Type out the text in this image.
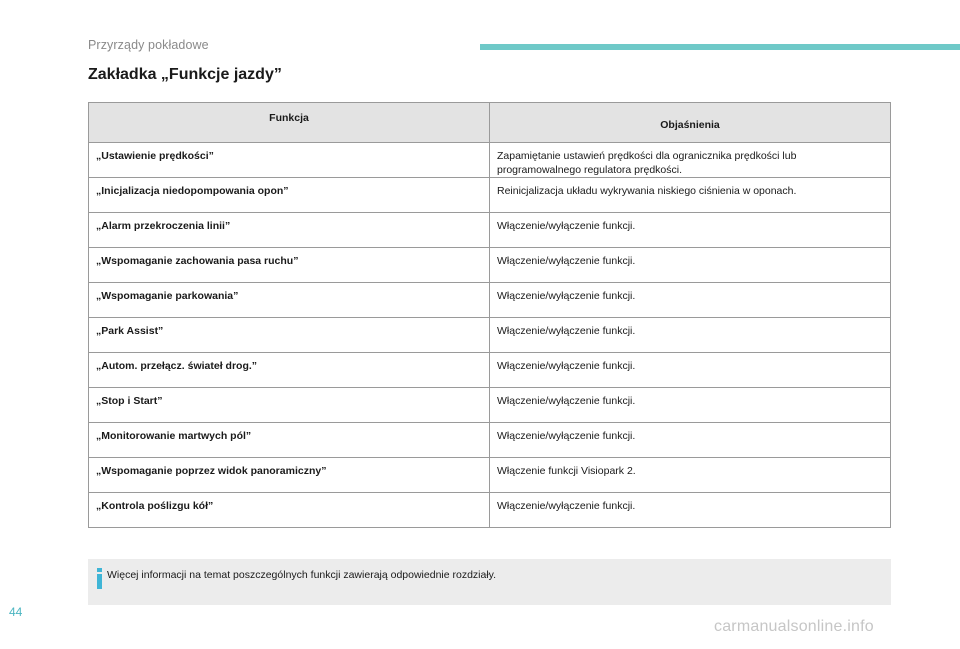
Przyrządy pokładowe
Zakładka „Funkcje jazdy”
Funkcja	Objaśnienia
„Ustawienie prędkości”	Zapamiętanie ustawień prędkości dla ogranicznika prędkości lub programowalnego regulatora prędkości.
„Inicjalizacja niedopompowania opon”	Reinicjalizacja układu wykrywania niskiego ciśnienia w oponach.
„Alarm przekroczenia linii”	Włączenie/wyłączenie funkcji.
„Wspomaganie zachowania pasa ruchu”	Włączenie/wyłączenie funkcji.
„Wspomaganie parkowania”	Włączenie/wyłączenie funkcji.
„Park Assist”	Włączenie/wyłączenie funkcji.
„Autom. przełącz. świateł drog.”	Włączenie/wyłączenie funkcji.
„Stop i Start”	Włączenie/wyłączenie funkcji.
„Monitorowanie martwych pól”	Włączenie/wyłączenie funkcji.
„Wspomaganie poprzez widok panoramiczny”	Włączenie funkcji Visiopark 2.
„Kontrola poślizgu kół”	Włączenie/wyłączenie funkcji.
Więcej informacji na temat poszczególnych funkcji zawierają odpowiednie rozdziały.
44
carmanualsonline.info
